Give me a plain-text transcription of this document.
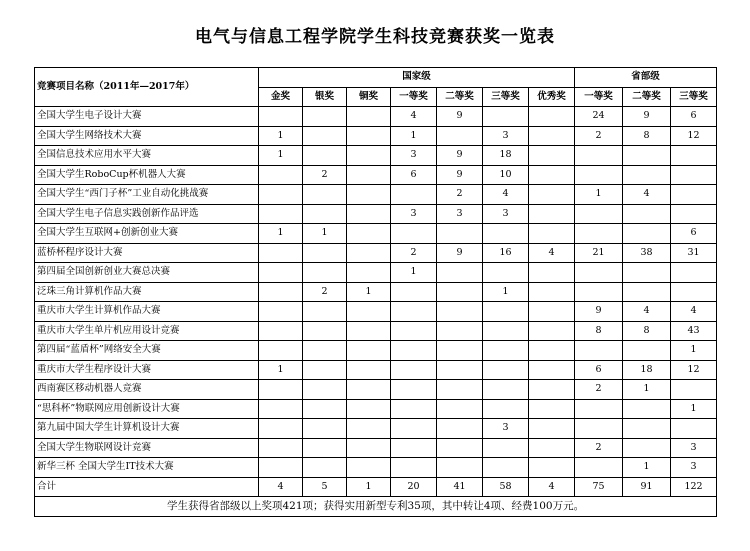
电气与信息工程学院学生科技竞赛获奖一览表
竞赛项目名称（2011年—2017年）	国家级							省部级		
	金奖	银奖	铜奖	一等奖	二等奖	三等奖	优秀奖	一等奖	二等奖	三等奖
全国大学生电子设计大赛				4	9			24	9	6
全国大学生网络技术大赛	1			1		3		2	8	12
全国信息技术应用水平大赛	1			3	9	18				
全国大学生RoboCup杯机器人大赛		2		6	9	10				
全国大学生“西门子杯”工业自动化挑战赛					2	4		1	4	
全国大学生电子信息实践创新作品评选				3	3	3				
全国大学生互联网+创新创业大赛	1	1								6
蓝桥杯程序设计大赛				2	9	16	4	21	38	31
第四届全国创新创业大赛总决赛				1						
泛珠三角计算机作品大赛		2	1			1				
重庆市大学生计算机作品大赛								9	4	4
重庆市大学生单片机应用设计竞赛								8	8	43
第四届“蓝盾杯”网络安全大赛										1
重庆市大学生程序设计大赛	1							6	18	12
西南赛区移动机器人竞赛								2	1	
“思科杯”物联网应用创新设计大赛										1
第九届中国大学生计算机设计大赛						3				
全国大学生物联网设计竞赛								2		3
新华三杯 全国大学生IT技术大赛									1	3
合计	4	5	1	20	41	58	4	75	91	122
学生获得省部级以上奖项421项；获得实用新型专利35项，其中转让4项、经费100万元。										
